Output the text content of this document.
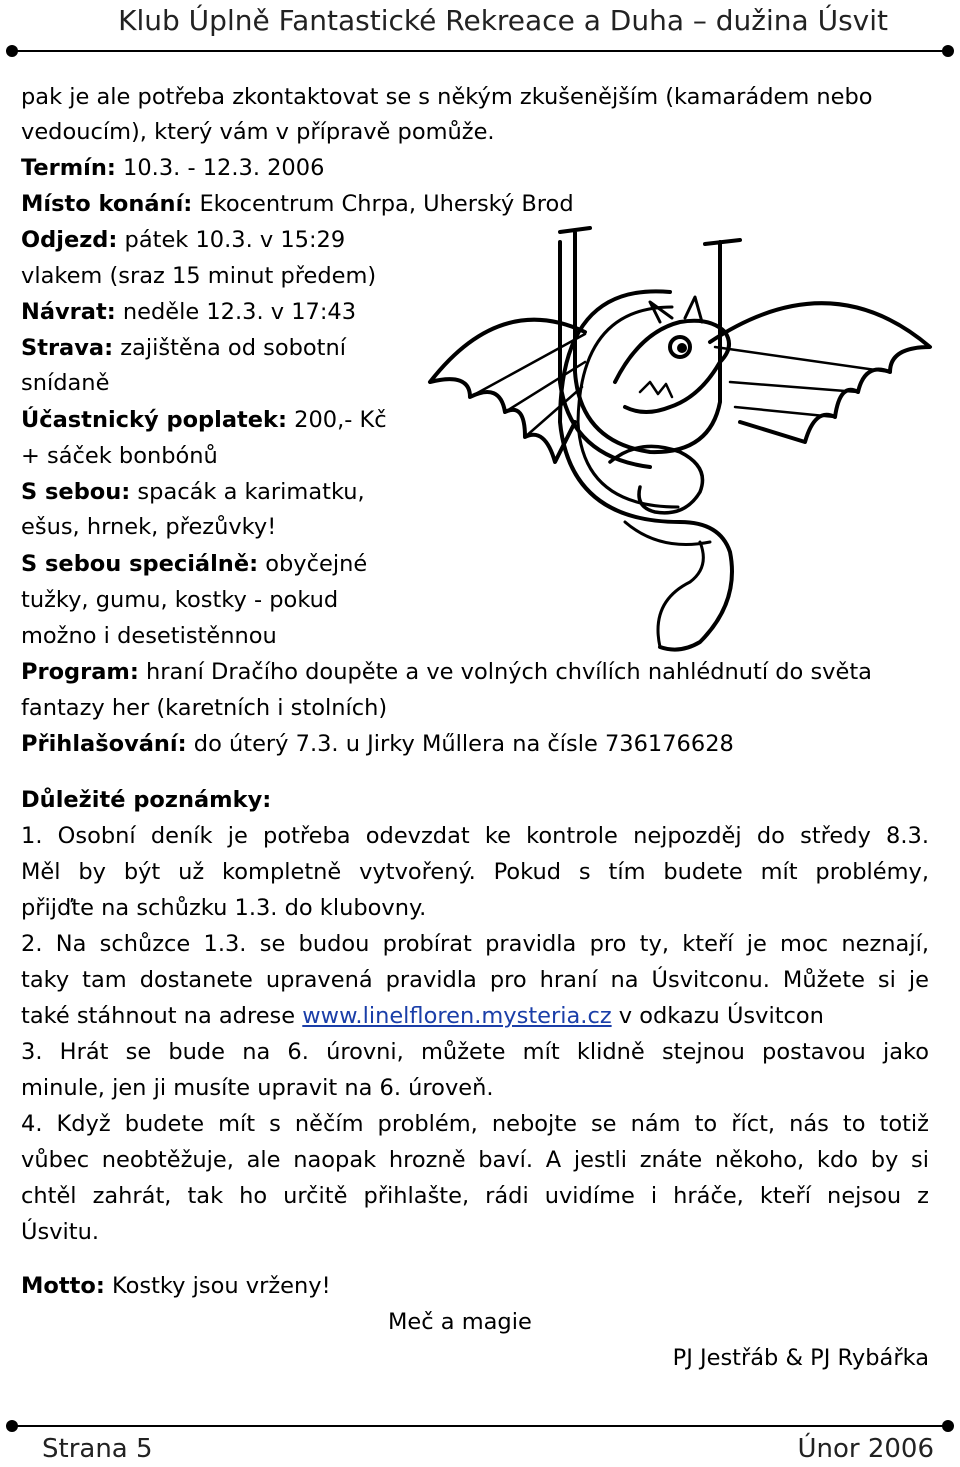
Klub Úplně Fantastické Rekreace a Duha – dužina Úsvit
pak je ale potřeba zkontaktovat se s někým zkušenějším (kamarádem nebo
vedoucím), který vám v přípravě pomůže.
Termín: 10.3. - 12.3. 2006
Místo konání: Ekocentrum Chrpa, Uherský Brod
Odjezd: pátek 10.3. v 15:29
vlakem (sraz 15 minut předem)
Návrat: neděle 12.3. v 17:43
Strava: zajištěna od sobotní
snídaně
Účastnický poplatek: 200,- Kč
+ sáček bonbónů
S sebou: spacák a karimatku,
ešus, hrnek, přezůvky!
S sebou speciálně: obyčejné
tužky, gumu, kostky - pokud
možno i desetistěnnou
Program: hraní Dračího doupěte a ve volných chvílích nahlédnutí do světa
fantazy her (karetních i stolních)
Přihlašování: do úterý 7.3. u Jirky Műllera na čísle 736176628
Důležité poznámky:
1. Osobní deník je potřeba odevzdat ke kontrole nejpozděj do středy 8.3.
Měl by být už kompletně vytvořený. Pokud s tím budete mít problémy,
přijďte na schůzku 1.3. do klubovny.
2. Na schůzce 1.3. se budou probírat pravidla pro ty, kteří je moc neznají,
taky tam dostanete upravená pravidla pro hraní na Úsvitconu. Můžete si je
také stáhnout na adrese www.linelfloren.mysteria.cz v odkazu Úsvitcon
3. Hrát se bude na 6. úrovni, můžete mít klidně stejnou postavou jako
minule, jen ji musíte upravit na 6. úroveň.
4. Když budete mít s něčím problém, nebojte se nám to říct, nás to totiž
vůbec neobtěžuje, ale naopak hrozně baví. A jestli znáte někoho, kdo by si
chtěl zahrát, tak ho určitě přihlašte, rádi uvidíme i hráče, kteří nejsou z
Úsvitu.
Motto: Kostky jsou vrženy!
Meč a magie
PJ Jestřáb & PJ Rybářka
Strana 5	Únor 2006
